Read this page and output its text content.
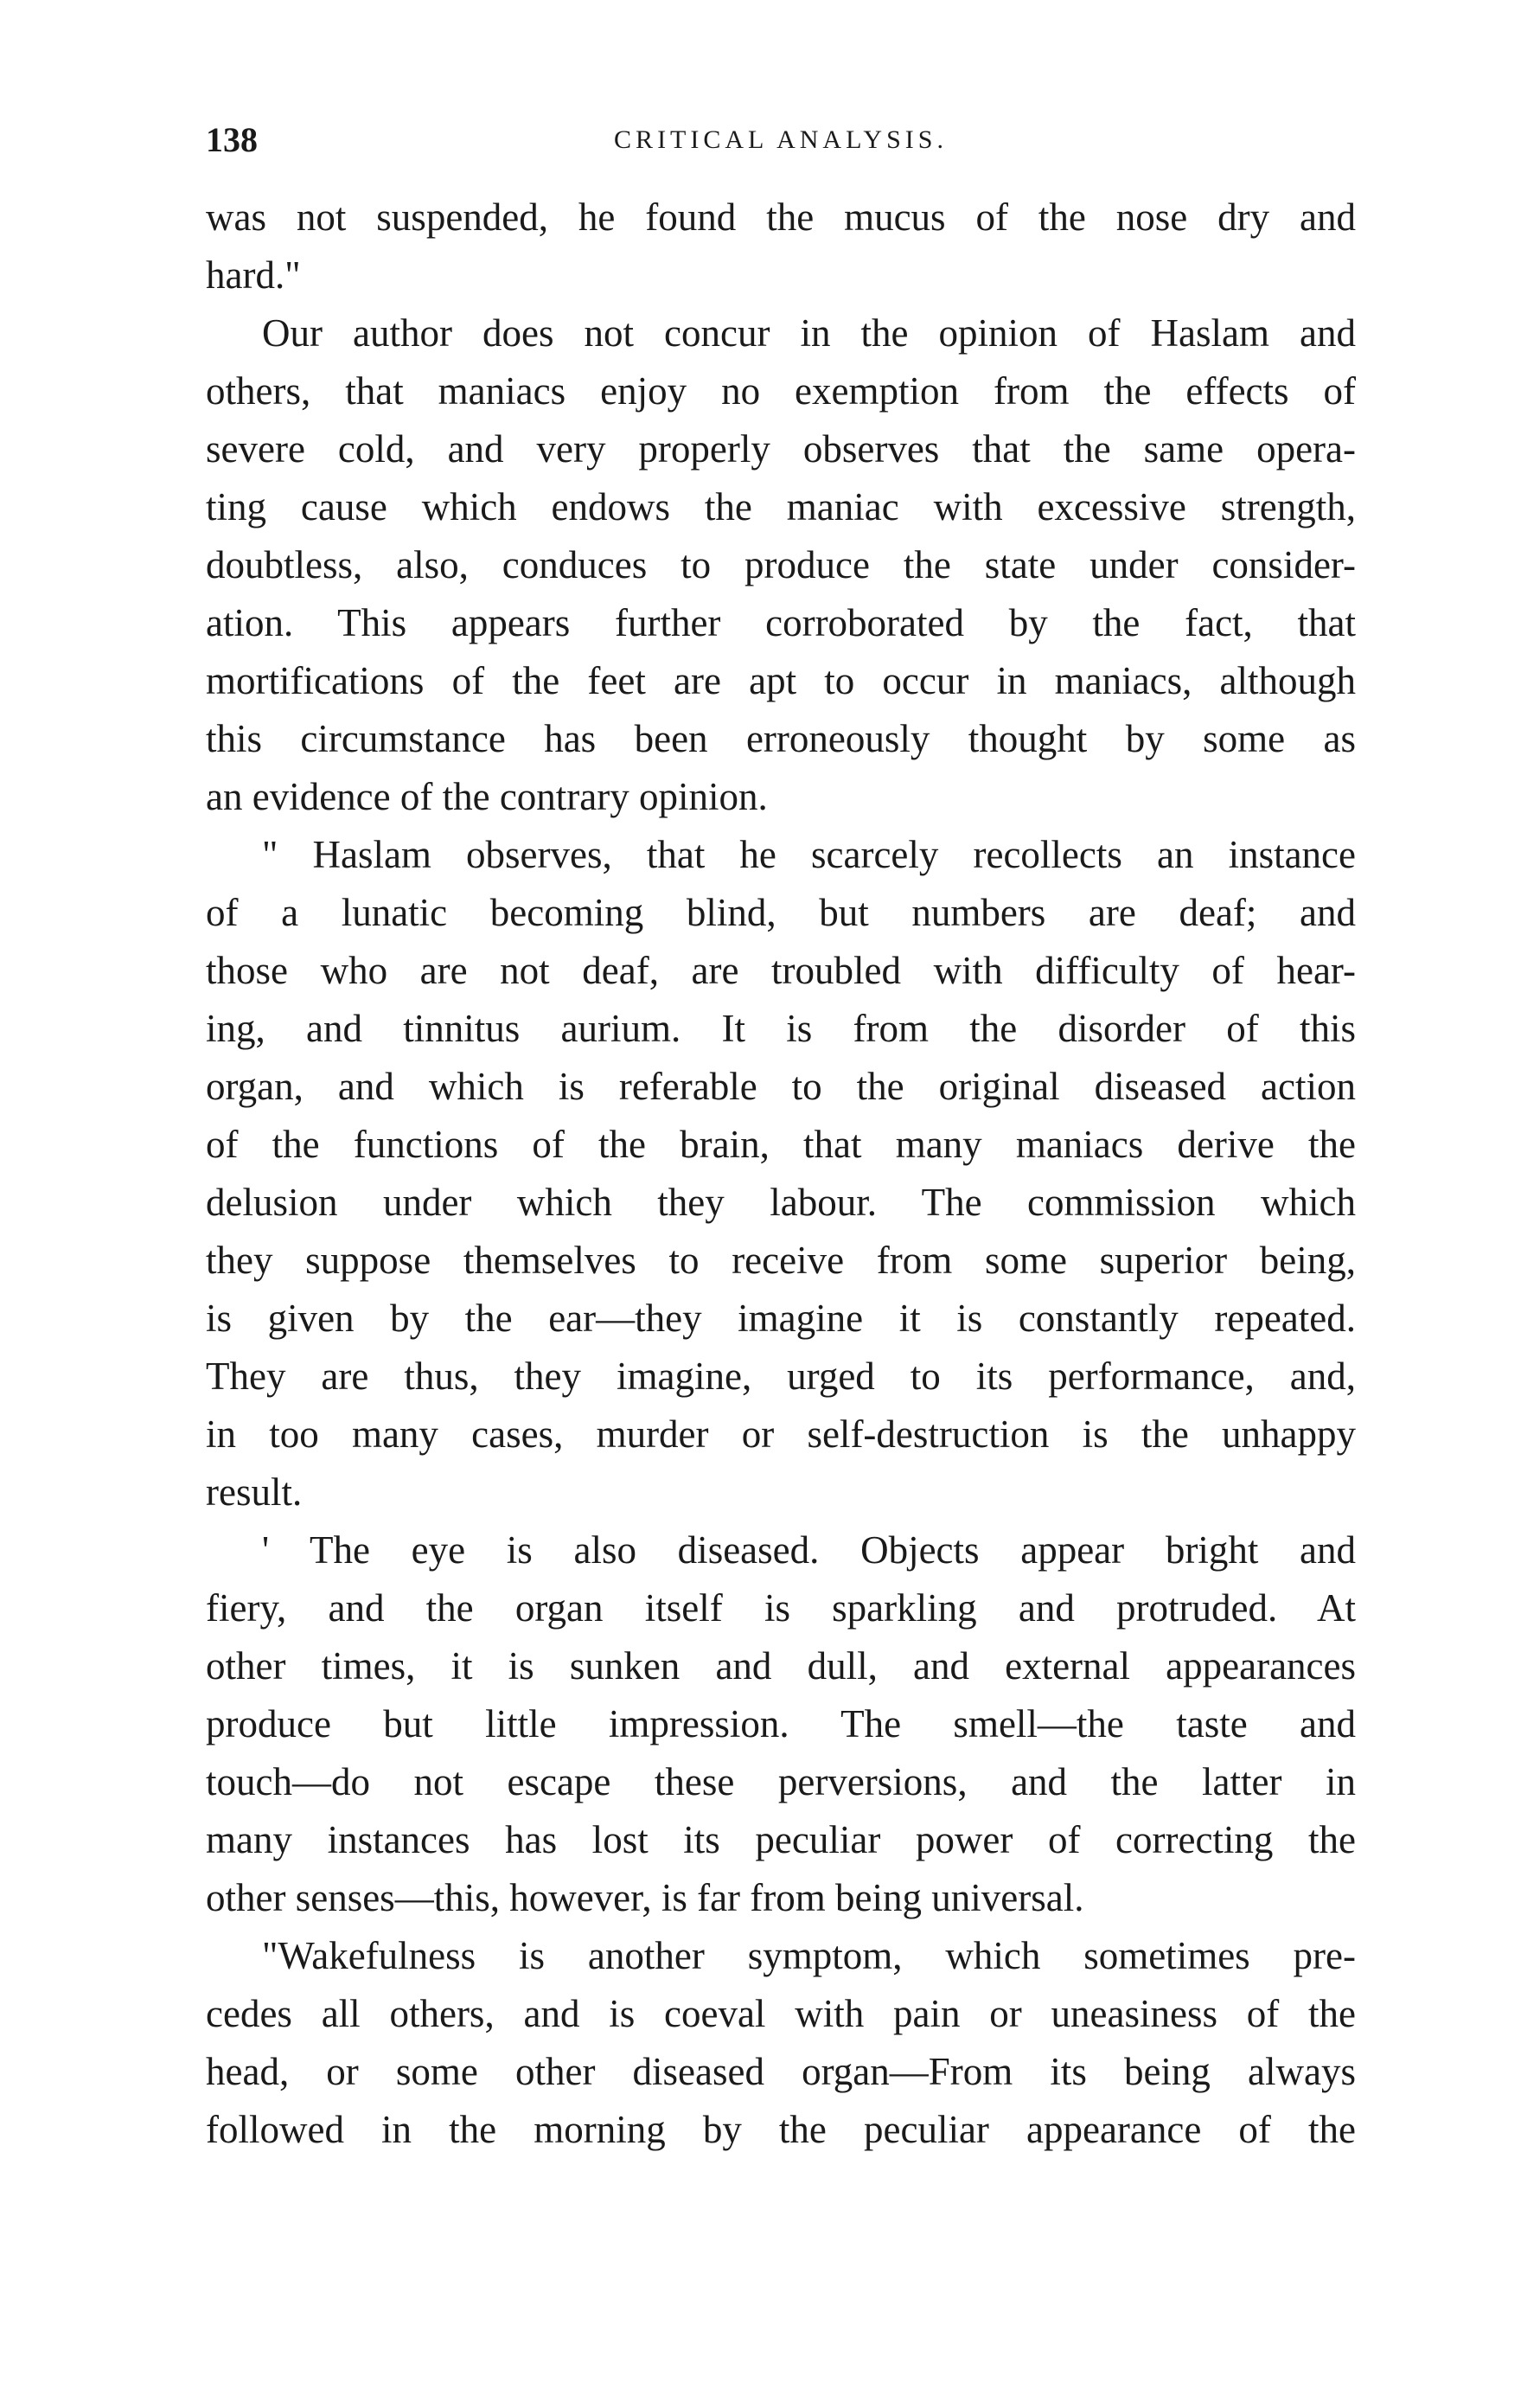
138	CRITICAL ANALYSIS.
was not suspended, he found the mucus of the nose dry and
hard."
Our author does not concur in the opinion of Haslam and
others, that maniacs enjoy no exemption from the effects of
severe cold, and very properly observes that the same opera-
ting cause which endows the maniac with excessive strength,
doubtless, also, conduces to produce the state under consider-
ation. This appears further corroborated by the fact, that
mortifications of the feet are apt to occur in maniacs, although
this circumstance has been erroneously thought by some as
an evidence of the contrary opinion.
" Haslam observes, that he scarcely recollects an instance
of a lunatic becoming blind, but numbers are deaf; and
those who are not deaf, are troubled with difficulty of hear-
ing, and tinnitus aurium. It is from the disorder of this
organ, and which is referable to the original diseased action
of the functions of the brain, that many maniacs derive the
delusion under which they labour. The commission which
they suppose themselves to receive from some superior being,
is given by the ear—they imagine it is constantly repeated.
They are thus, they imagine, urged to its performance, and,
in too many cases, murder or self-destruction is the unhappy
result.
' The eye is also diseased. Objects appear bright and
fiery, and the organ itself is sparkling and protruded. At
other times, it is sunken and dull, and external appearances
produce but little impression. The smell—the taste and
touch—do not escape these perversions, and the latter in
many instances has lost its peculiar power of correcting the
other senses—this, however, is far from being universal.
"Wakefulness is another symptom, which sometimes pre-
cedes all others, and is coeval with pain or uneasiness of the
head, or some other diseased organ—From its being always
followed in the morning by the peculiar appearance of the
